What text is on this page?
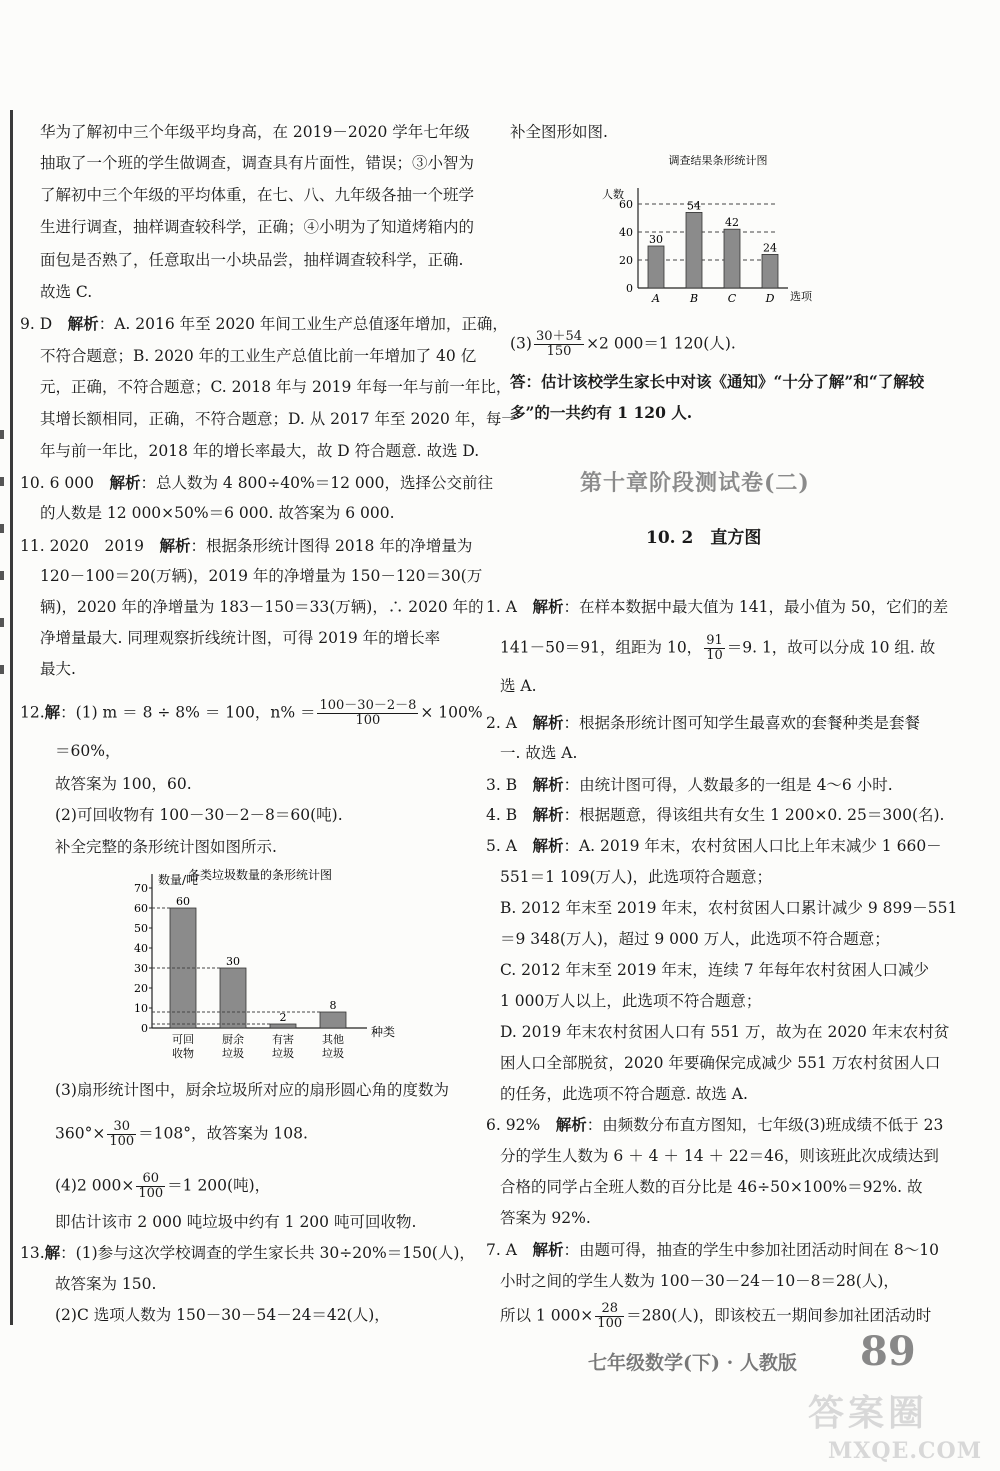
华为了解初中三个年级平均身高，在 2019－2020 学年七年级
抽取了一个班的学生做调查，调查具有片面性，错误；③小智为
了解初中三个年级的平均体重，在七、八、九年级各抽一个班学
生进行调查，抽样调查较科学，正确；④小明为了知道烤箱内的
面包是否熟了，任意取出一小块品尝，抽样调查较科学，正确.
故选 C.
9. D　 解析：A. 2016 年至 2020 年间工业生产总值逐年增加，正确，
不符合题意；B. 2020 年的工业生产总值比前一年增加了 40 亿
元，正确，不符合题意；C. 2018 年与 2019 年每一年与前一年比，
其增长额相同，正确，不符合题意；D. 从 2017 年至 2020 年，每一
年与前一年比，2018 年的增长率最大，故 D 符合题意. 故选 D.
10. 6 000　 解析：总人数为 4 800÷40%＝12 000，选择公交前往
的人数是 12 000×50%＝6 000. 故答案为 6 000.
11. 2020　2019　 解析：根据条形统计图得 2018 年的净增量为
120－100＝20(万辆)，2019 年的净增量为 150－120＝30(万
辆)，2020 年的净增量为 183－150＝33(万辆)，∴ 2020 年的
净增量最大. 同理观察折线统计图，可得 2019 年的增长率
最大.
12.解：(1) m ＝ 8 ÷ 8% ＝ 100，$n\% = \frac{100-30-2-8}{100} \times 100\%$
＝60%，
故答案为 100，60.
(2)可回收物有 100－30－2－8＝60(吨).
补全完整的条形统计图如图所示.
各类垃圾数量的条形统计图
数量/吨
种类
0
10
20
30
40
50
60
70
60
可回
收物
30
厨余
垃圾
2
有害
垃圾
8
其他
垃圾
(3)扇形统计图中，厨余垃圾所对应的扇形圆心角的度数为
$360^\circ\times \frac{30}{100} =108^\circ$，故答案为 108.
(4)2 $000\times \frac{60}{100} =1$ 200(吨)，
即估计该市 2 000 吨垃圾中约有 1 200 吨可回收物.
13.解：(1)参与这次学校调查的学生家长共 30÷20%＝150(人)，
故答案为 150.
(2)C 选项人数为 150－30－54－24＝42(人)，
补全图形如图.
调查结果条形统计图
人数
选项
0
20
40
60
30
A
54
B
42
C
24
D
$(3) \frac{30+54}{150} \times 2$ 000＝1 120(人).
答：估计该校学生家长中对该《通知》“十分了解”和“了解较
多”的一共约有 1 120 人.
第十章阶段测试卷(二)
10. 2　直方图
1. A　 解析：在样本数据中最大值为 141，最小值为 50，它们的差
141－50＝91，组距为 10， $\frac{91}{10} =9$. 1，故可以分成 10 组. 故
选 A.
2. A　 解析：根据条形统计图可知学生最喜欢的套餐种类是套餐
一. 故选 A.
3. B　 解析：由统计图可得，人数最多的一组是 4～6 小时.
4. B　 解析：根据题意，得该组共有女生 1 200×0. 25＝300(名).
5. A　 解析：A. 2019 年末，农村贫困人口比上年末减少 1 660－
551＝1 109(万人)，此选项符合题意；
B. 2012 年末至 2019 年末，农村贫困人口累计减少 9 899－551
＝9 348(万人)，超过 9 000 万人，此选项不符合题意；
C. 2012 年末至 2019 年末，连续 7 年每年农村贫困人口减少
1 000万人以上，此选项不符合题意；
D. 2019 年末农村贫困人口有 551 万，故为在 2020 年末农村贫
困人口全部脱贫，2020 年要确保完成减少 551 万农村贫困人口
的任务，此选项不符合题意. 故选 A.
6. 92%　 解析：由频数分布直方图知，七年级(3)班成绩不低于 23
分的学生人数为 6 ＋ 4 ＋ 14 ＋ 22＝46，则该班此次成绩达到
合格的同学占全班人数的百分比是 46÷50×100%＝92%. 故
答案为 92%.
7. A　 解析：由题可得，抽查的学生中参加社团活动时间在 8～10
小时之间的学生人数为 100－30－24－10－8＝28(人)，
所以 1 $000\times \frac{28}{100} =280$(人)，即该校五一期间参加社团活动时
七年级数学(下) · 人教版 89
答案圈
MXQE.COM
